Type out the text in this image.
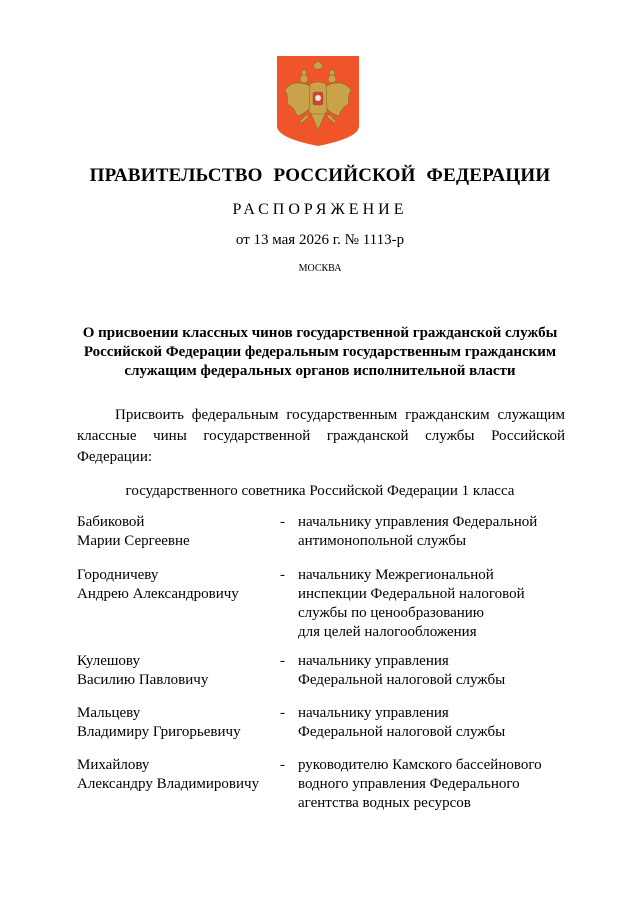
ПРАВИТЕЛЬСТВО РОССИЙСКОЙ ФЕДЕРАЦИИ
РАСПОРЯЖЕНИЕ
от 13 мая 2026 г. № 1113-р
МОСКВА
О присвоении классных чинов государственной гражданской службы
Российской Федерации федеральным государственным гражданским
служащим федеральных органов исполнительной власти
Присвоить федеральным государственным гражданским служащим
классные чины государственной гражданской службы Российской
Федерации:
государственного советника Российской Федерации 1 класса
Бабиковой
Марии Сергеевне
- начальнику управления Федеральной
антимонопольной службы
Городничеву
Андрею Александровичу
- начальнику Межрегиональной
инспекции Федеральной налоговой
службы по ценообразованию
для целей налогообложения
Кулешову
Василию Павловичу
- начальнику управления
Федеральной налоговой службы
Мальцеву
Владимиру Григорьевичу
- начальнику управления
Федеральной налоговой службы
Михайлову
Александру Владимировичу
- руководителю Камского бассейнового
водного управления Федерального
агентства водных ресурсов
